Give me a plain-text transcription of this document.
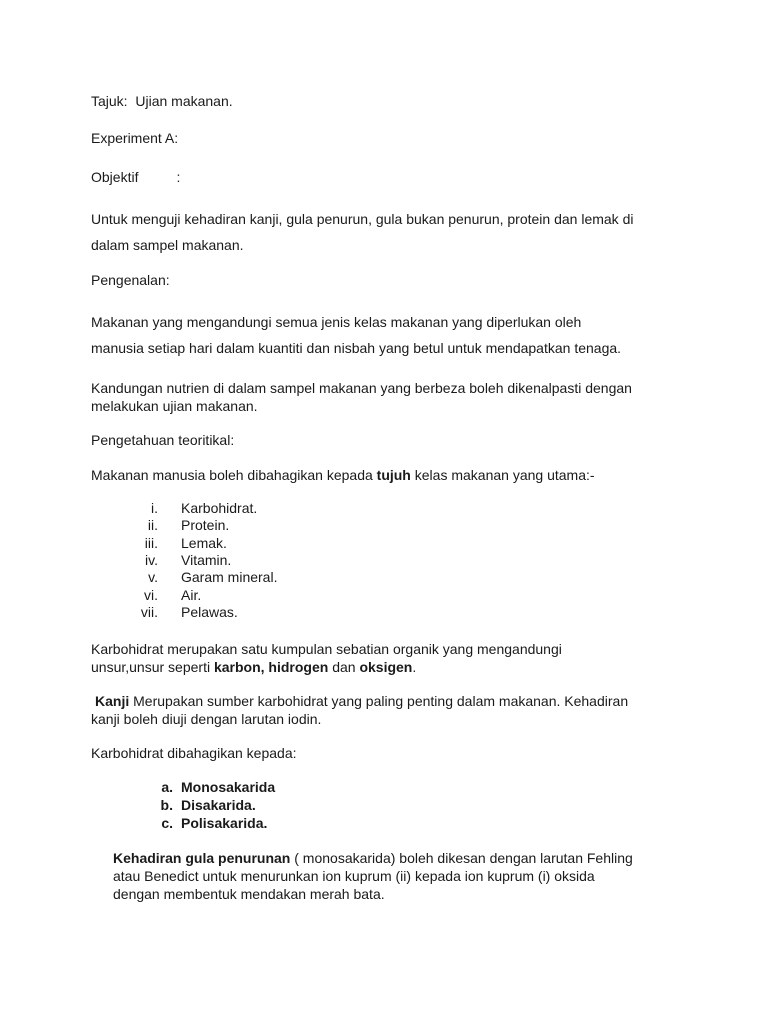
Tajuk: Ujian makanan.
Experiment A:
Objektif	:
Untuk menguji kehadiran kanji, gula penurun, gula bukan penurun, protein dan lemak di
dalam sampel makanan.
Pengenalan:
Makanan yang mengandungi semua jenis kelas makanan yang diperlukan oleh
manusia setiap hari dalam kuantiti dan nisbah yang betul untuk mendapatkan tenaga.
Kandungan nutrien di dalam sampel makanan yang berbeza boleh dikenalpasti dengan
melakukan ujian makanan.
Pengetahuan teoritikal:
Makanan manusia boleh dibahagikan kepada tujuh kelas makanan yang utama:-
i. Karbohidrat.
ii. Protein.
iii. Lemak.
iv. Vitamin.
v. Garam mineral.
vi. Air.
vii. Pelawas.
Karbohidrat merupakan satu kumpulan sebatian organik yang mengandungi
unsur,unsur seperti karbon, hidrogen dan oksigen.
Kanji Merupakan sumber karbohidrat yang paling penting dalam makanan. Kehadiran
kanji boleh diuji dengan larutan iodin.
Karbohidrat dibahagikan kepada:
a. Monosakarida
b. Disakarida.
c. Polisakarida.
Kehadiran gula penurunan ( monosakarida) boleh dikesan dengan larutan Fehling
atau Benedict untuk menurunkan ion kuprum (ii) kepada ion kuprum (i) oksida
dengan membentuk mendakan merah bata.
